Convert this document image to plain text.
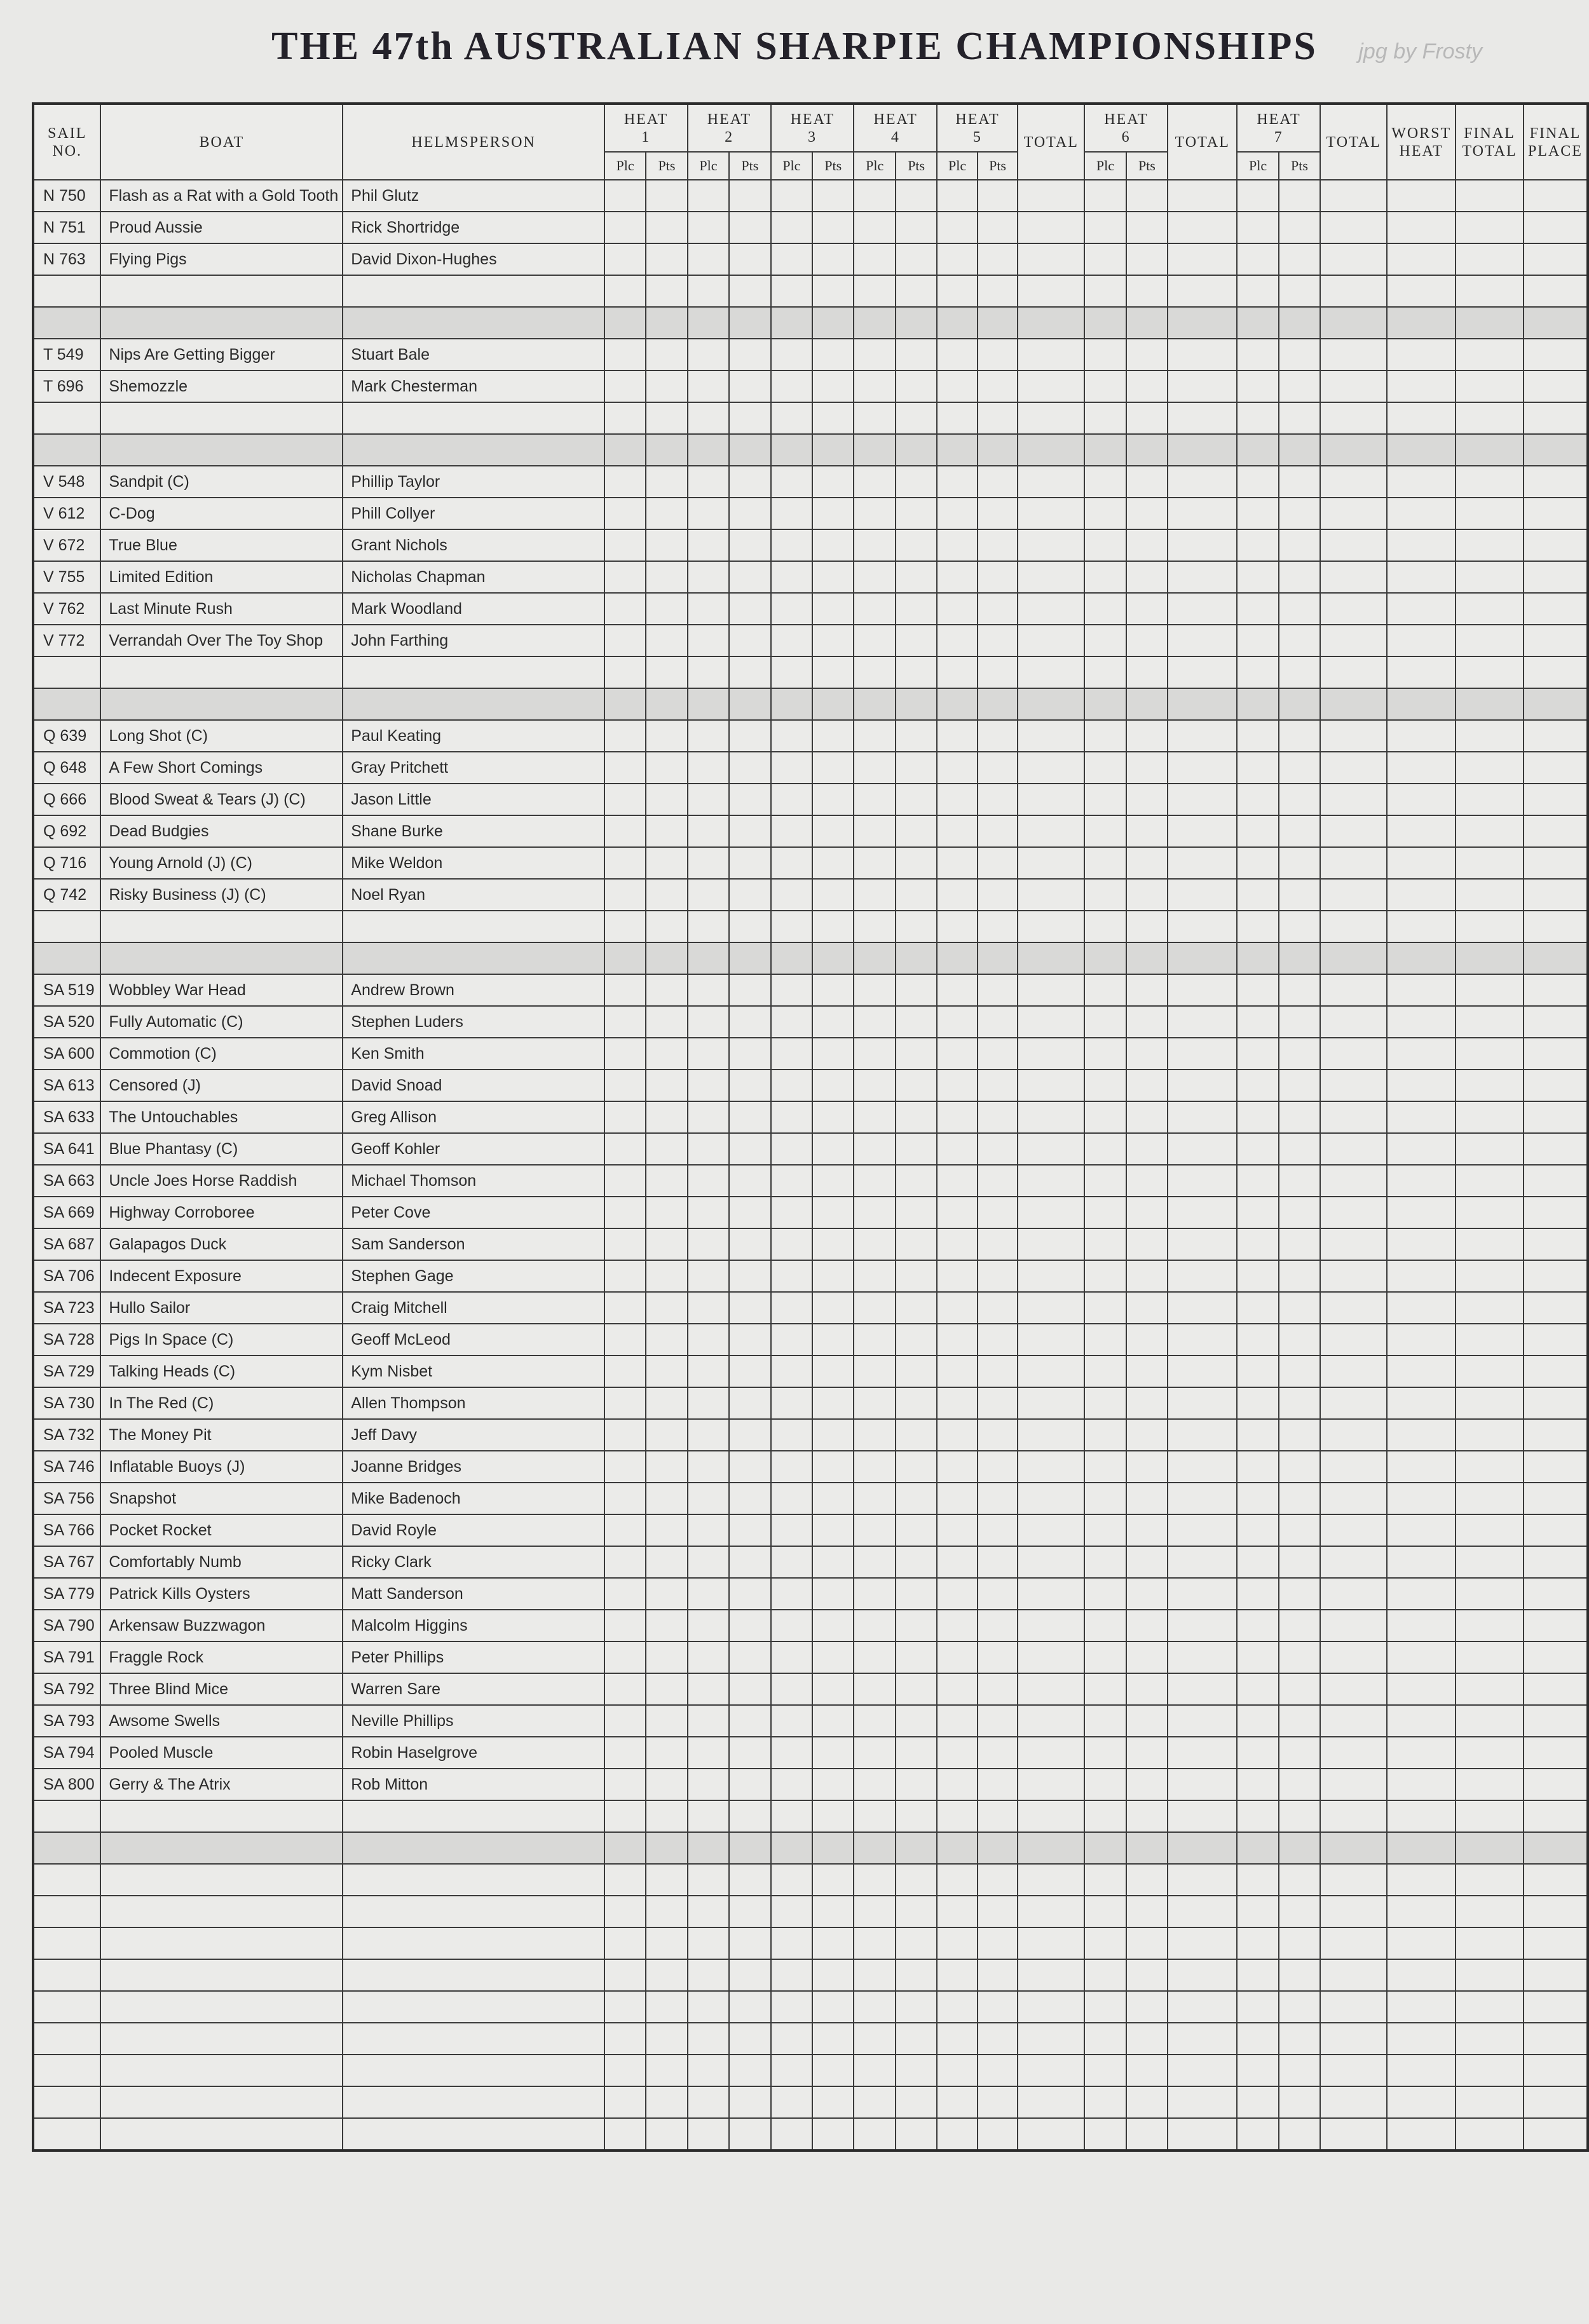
THE 47th AUSTRALIAN SHARPIE CHAMPIONSHIPS	jpg by Frosty
SAIL NO.	BOAT	HELMSPERSON	HEAT 1		HEAT 2		HEAT 3		HEAT 4		HEAT 5		TOTAL	HEAT 6		TOTAL	HEAT 7		TOTAL	WORST HEAT	FINAL TOTAL	FINAL PLACE
			Plc	Pts	Plc	Pts	Plc	Pts	Plc	Pts	Plc	Pts		Plc	Pts		Plc	Pts				
N 750	Flash as a Rat with a Gold Tooth	Phil Glutz																				
N 751	Proud Aussie	Rick Shortridge																				
N 763	Flying Pigs	David Dixon-Hughes																				

T 549	Nips Are Getting Bigger	Stuart Bale																				
T 696	Shemozzle	Mark Chesterman																				

V 548	Sandpit (C)	Phillip Taylor																				
V 612	C-Dog	Phill Collyer																				
V 672	True Blue	Grant Nichols																				
V 755	Limited Edition	Nicholas Chapman																				
V 762	Last Minute Rush	Mark Woodland																				
V 772	Verrandah Over The Toy Shop	John Farthing																				

Q 639	Long Shot (C)	Paul Keating																				
Q 648	A Few Short Comings	Gray Pritchett																				
Q 666	Blood Sweat & Tears (J) (C)	Jason Little																				
Q 692	Dead Budgies	Shane Burke																				
Q 716	Young Arnold (J) (C)	Mike Weldon																				
Q 742	Risky Business (J) (C)	Noel Ryan																				

SA 519	Wobbley War Head	Andrew Brown																				
SA 520	Fully Automatic (C)	Stephen Luders																				
SA 600	Commotion (C)	Ken Smith																				
SA 613	Censored (J)	David Snoad																				
SA 633	The Untouchables	Greg Allison																				
SA 641	Blue Phantasy (C)	Geoff Kohler																				
SA 663	Uncle Joes Horse Raddish	Michael Thomson																				
SA 669	Highway Corroboree	Peter Cove																				
SA 687	Galapagos Duck	Sam Sanderson																				
SA 706	Indecent Exposure	Stephen Gage																				
SA 723	Hullo Sailor	Craig Mitchell																				
SA 728	Pigs In Space (C)	Geoff McLeod																				
SA 729	Talking Heads (C)	Kym Nisbet																				
SA 730	In The Red (C)	Allen Thompson																				
SA 732	The Money Pit	Jeff Davy																				
SA 746	Inflatable Buoys (J)	Joanne Bridges																				
SA 756	Snapshot	Mike Badenoch																				
SA 766	Pocket Rocket	David Royle																				
SA 767	Comfortably Numb	Ricky Clark																				
SA 779	Patrick Kills Oysters	Matt Sanderson																				
SA 790	Arkensaw Buzzwagon	Malcolm Higgins																				
SA 791	Fraggle Rock	Peter Phillips																				
SA 792	Three Blind Mice	Warren Sare																				
SA 793	Awsome Swells	Neville Phillips																				
SA 794	Pooled Muscle	Robin Haselgrove																				
SA 800	Gerry & The Atrix	Rob Mitton																				
